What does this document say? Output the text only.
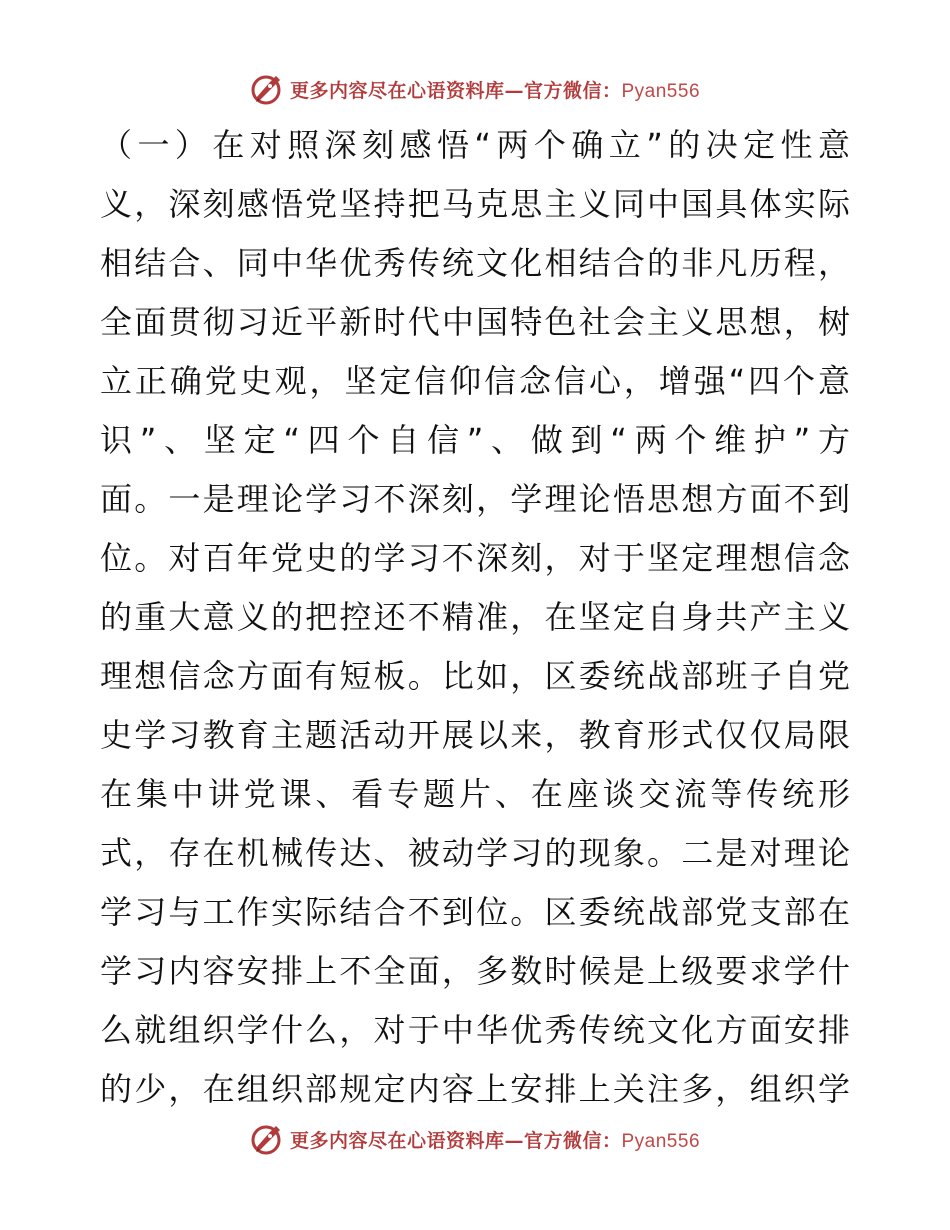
更多内容尽在心语资料库—官方微信：Pyan556
（一）在对照深刻感悟“两个确立”的决定性意
义，深刻感悟党坚持把马克思主义同中国具体实际
相结合、同中华优秀传统文化相结合的非凡历程，
全面贯彻习近平新时代中国特色社会主义思想，树
立正确党史观，坚定信仰信念信心，增强“四个意
识”、坚定“四个自信”、做到“两个维护”方
面。一是理论学习不深刻，学理论悟思想方面不到
位。对百年党史的学习不深刻，对于坚定理想信念
的重大意义的把控还不精准，在坚定自身共产主义
理想信念方面有短板。比如，区委统战部班子自党
史学习教育主题活动开展以来，教育形式仅仅局限
在集中讲党课、看专题片、在座谈交流等传统形
式，存在机械传达、被动学习的现象。二是对理论
学习与工作实际结合不到位。区委统战部党支部在
学习内容安排上不全面，多数时候是上级要求学什
么就组织学什么，对于中华优秀传统文化方面安排
的少，在组织部规定内容上安排上关注多，组织学
更多内容尽在心语资料库—官方微信：Pyan556
